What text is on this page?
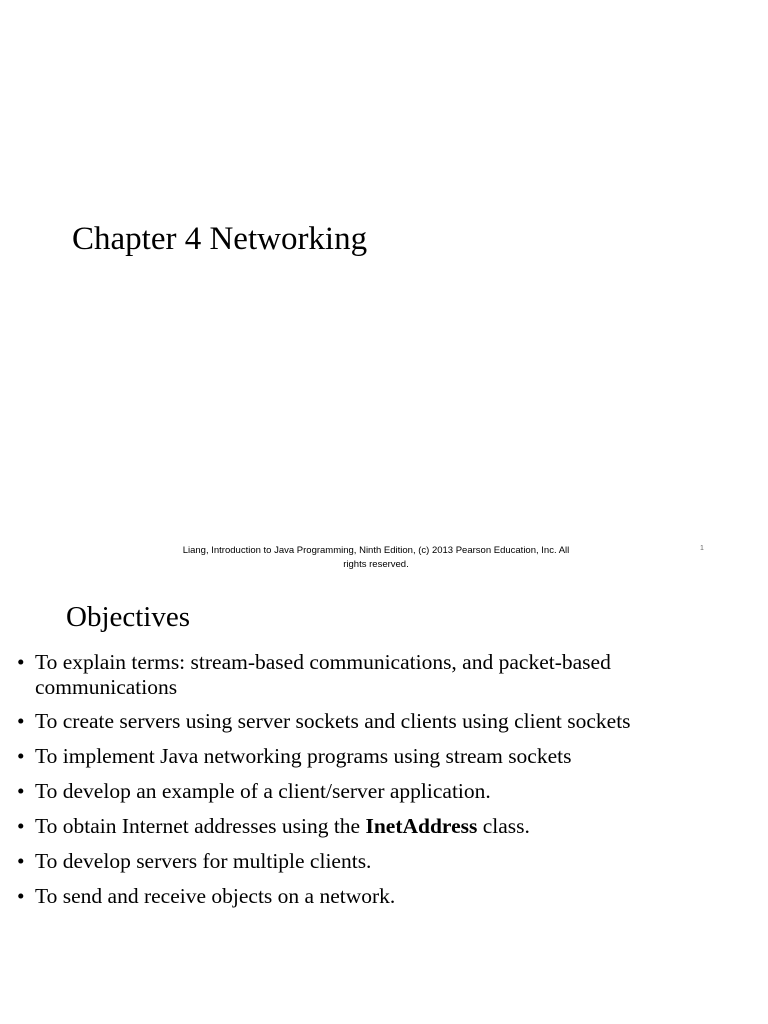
Chapter 4 Networking

Liang, Introduction to Java Programming, Ninth Edition, (c) 2013 Pearson Education, Inc. All
rights reserved.

1

Objectives
• To explain terms: stream-based communications, and packet-based communications
• To create servers using server sockets and clients using client sockets
• To implement Java networking programs using stream sockets
• To develop an example of a client/server application.
• To obtain Internet addresses using the InetAddress class.
• To develop servers for multiple clients.
• To send and receive objects on a network.
